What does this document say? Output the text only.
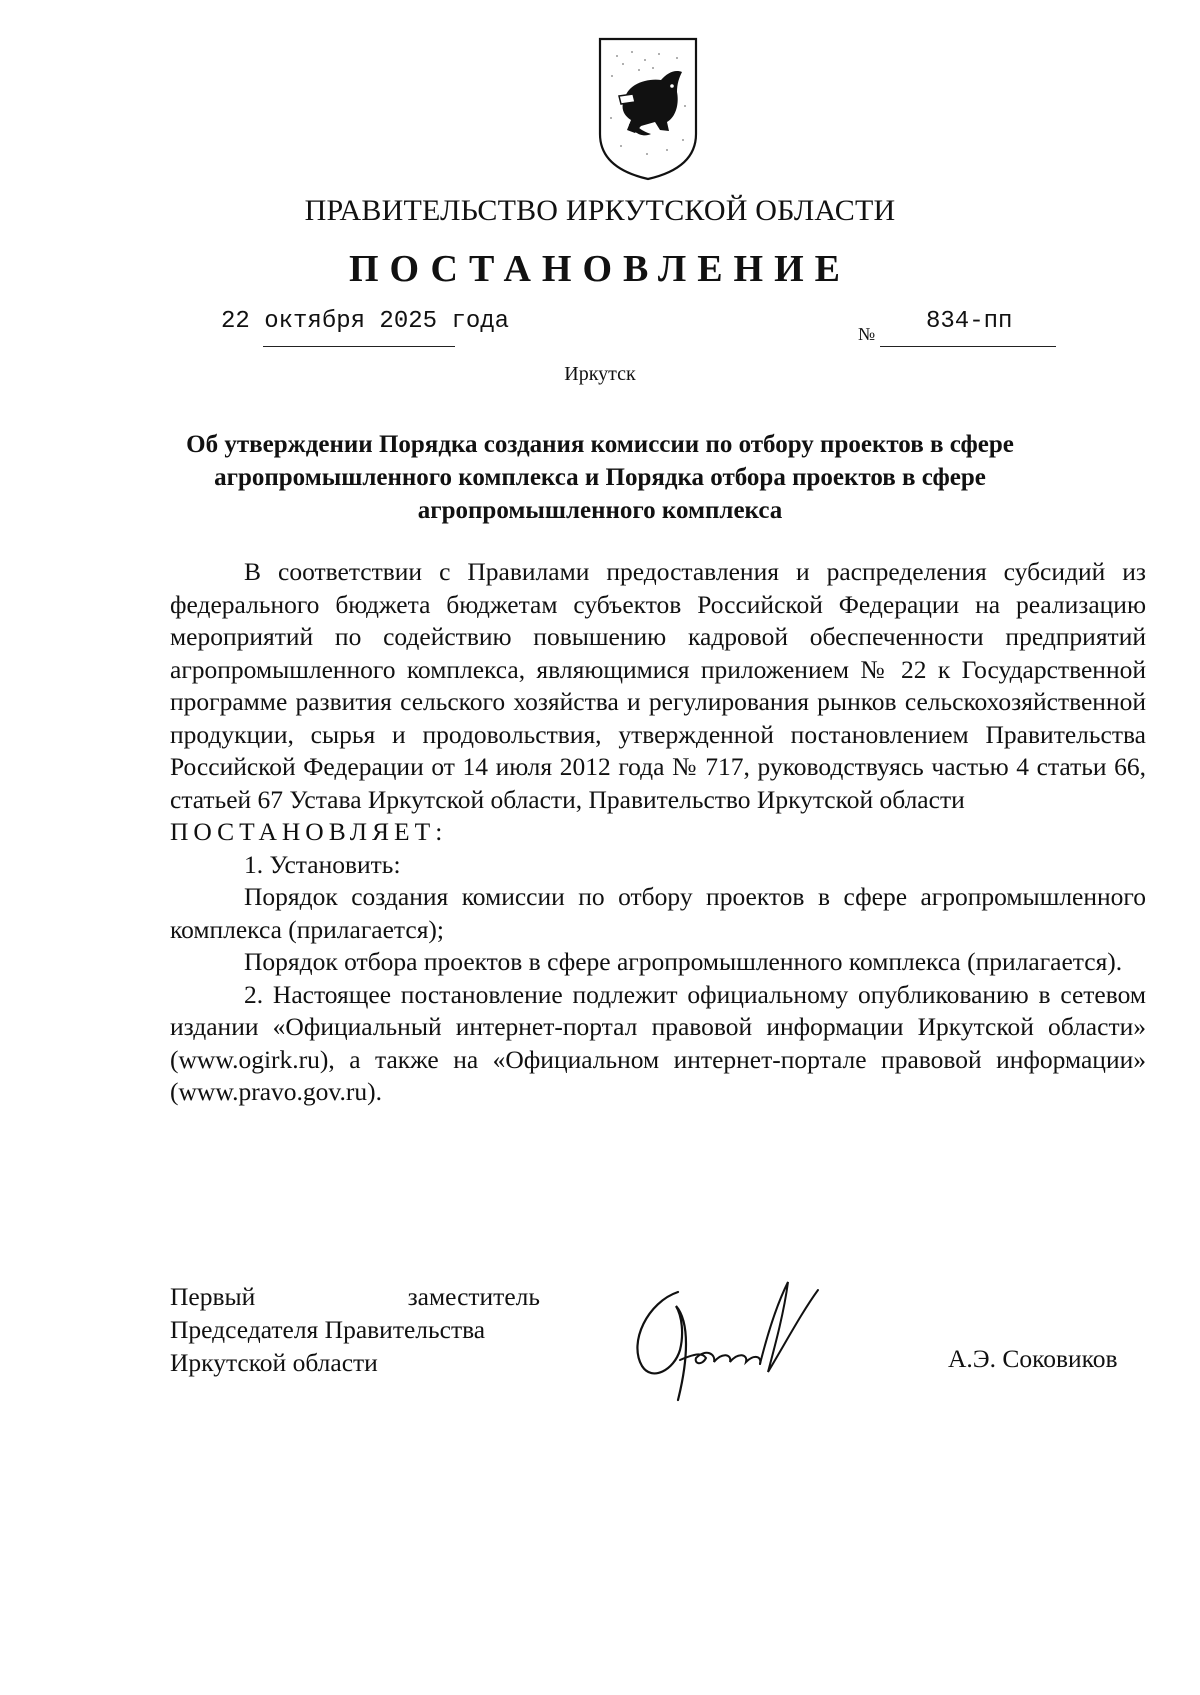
ПРАВИТЕЛЬСТВО ИРКУТСКОЙ ОБЛАСТИ
ПОСТАНОВЛЕНИЕ
22 октября 2025 года	№ 834-пп
Иркутск
Об утверждении Порядка создания комиссии по отбору проектов в сфере агропромышленного комплекса и Порядка отбора проектов в сфере агропромышленного комплекса

В соответствии с Правилами предоставления и распределения субсидий из федерального бюджета бюджетам субъектов Российской Федерации на реализацию мероприятий по содействию повышению кадровой обеспеченности предприятий агропромышленного комплекса, являющимися приложением № 22 к Государственной программе развития сельского хозяйства и регулирования рынков сельскохозяйственной продукции, сырья и продовольствия, утвержденной постановлением Правительства Российской Федерации от 14 июля 2012 года № 717, руководствуясь частью 4 статьи 66, статьей 67 Устава Иркутской области, Правительство Иркутской области

ПОСТАНОВЛЯЕТ:

1. Установить:

Порядок создания комиссии по отбору проектов в сфере агропромышленного комплекса (прилагается);

Порядок отбора проектов в сфере агропромышленного комплекса (прилагается).

2. Настоящее постановление подлежит официальному опубликованию в сетевом издании «Официальный интернет-портал правовой информации Иркутской области» (www.ogirk.ru), а также на «Официальном интернет-портале правовой информации» (www.pravo.gov.ru).

Первый	заместитель
Председателя Правительства
Иркутской области	А.Э. Соковиков
